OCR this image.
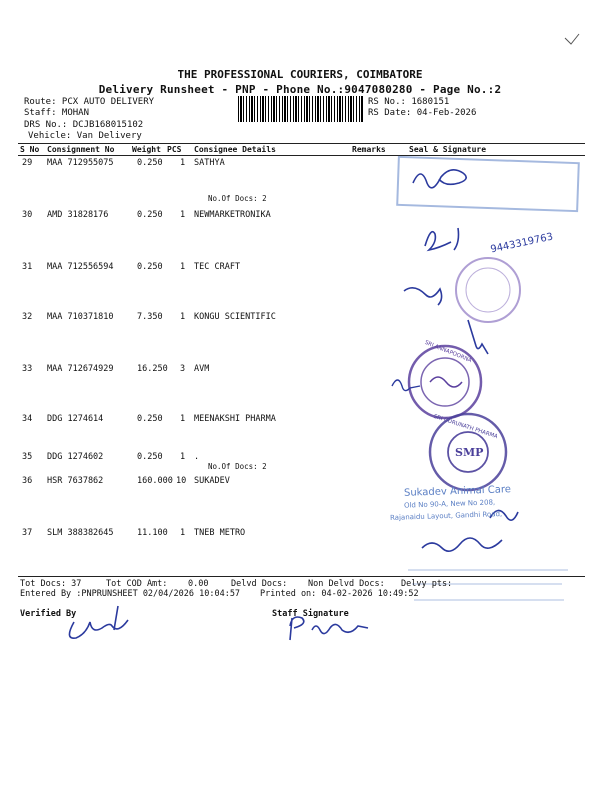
THE PROFESSIONAL COURIERS, COIMBATORE
Delivery Runsheet - PNP - Phone No.:9047080280 - Page No.:2
Route: PCX AUTO DELIVERY
Staff: MOHAN
DRS No.: DCJB168015102
Vehicle: Van Delivery
RS No.: 1680151
RS Date: 04-Feb-2026
S No Consignment No Weight PCS Consignee Details	Remarks	Seal & Signature
29 MAA 712955075	0.250 1 SATHYA
No.Of Docs: 2
30 AMD 31828176	0.250 1 NEWMARKETRONIKA
31 MAA 712556594	0.250 1 TEC CRAFT
32 MAA 710371810	7.350 1 KONGU SCIENTIFIC
33 MAA 712674929	16.250 3 AVM
34 DDG 1274614	0.250 1 MEENAKSHI PHARMA
35 DDG 1274602	0.250 1 .
No.Of Docs: 2
36 HSR 7637862	160.000 10 SUKADEV
37 SLM 388382645	11.100 1 TNEB METRO
9443319763
Sukadev Animal Care
Old No 90-A, New No 208,
Rajanaidu Layout, Gandhi Road,
SMP
SRI GURUNATH PHARMA
SRI ANNAPOORNA
Tot Docs: 37	Tot COD Amt: 0.00	Delvd Docs: Non Delvd Docs: Delvy pts:
Entered By :PNPRUNSHEET 02/04/2026 10:04:57 Printed on: 04-02-2026 10:49:52
Verified By	Staff Signature
